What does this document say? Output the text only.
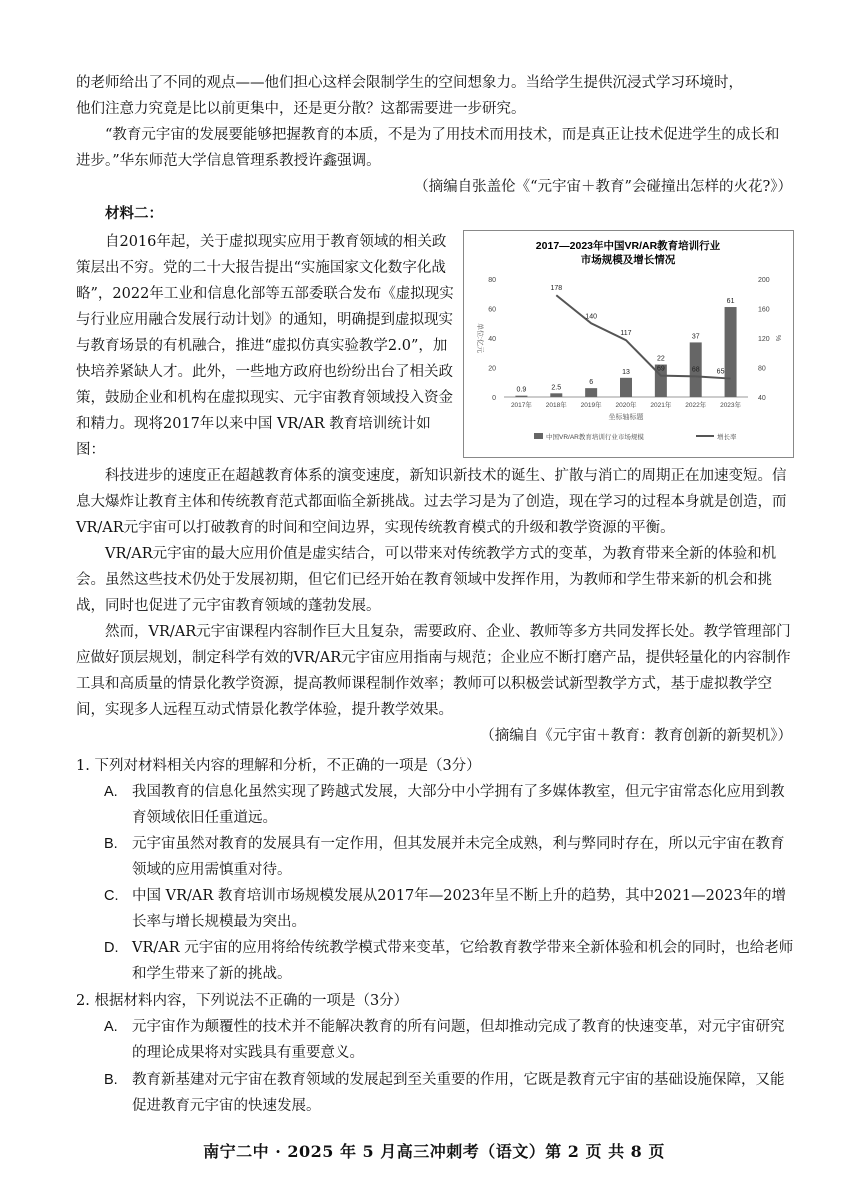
的老师给出了不同的观点——他们担心这样会限制学生的空间想象力。当给学生提供沉浸式学习环境时，

他们注意力究竟是比以前更集中，还是更分散？这都需要进一步研究。

“教育元宇宙的发展要能够把握教育的本质，不是为了用技术而用技术，而是真正让技术促进学生的成长和进步。”华东师范大学信息管理系教授许鑫强调。

（摘编自张盖伦《“元宇宙＋教育”会碰撞出怎样的火花?》）

材料二：

自2016年起，关于虚拟现实应用于教育领域的相关政策层出不穷。党的二十大报告提出“实施国家文化数字化战略”，2022年工业和信息化部等五部委联合发布《虚拟现实与行业应用融合发展行动计划》的通知，明确提到虚拟现实与教育场景的有机融合，推进“虚拟仿真实验教学2.0”，加快培养紧缺人才。此外，一些地方政府也纷纷出台了相关政策，鼓励企业和机构在虚拟现实、元宇宙教育领域投入资金和精力。现将2017年以来中国 VR/AR 教育培训统计如图：

2017—2023年中国VR/AR教育培训行业
市场规模及增长情况
0
20
40
60
80
40
80
120
160
200
单位:亿元	%
0.9	2.5
6
13
22
37
61
2017年 2018年 2019年 2020年 2021年 2022年 2023年
坐标轴标题
178
140
117
69	68 65
中国VR/AR教育培训行业市场规模	增长率

科技进步的速度正在超越教育体系的演变速度，新知识新技术的诞生、扩散与消亡的周期正在加速变短。信息大爆炸让教育主体和传统教育范式都面临全新挑战。过去学习是为了创造，现在学习的过程本身就是创造，而VR/AR元宇宙可以打破教育的时间和空间边界，实现传统教育模式的升级和教学资源的平衡。

VR/AR元宇宙的最大应用价值是虚实结合，可以带来对传统教学方式的变革，为教育带来全新的体验和机会。虽然这些技术仍处于发展初期，但它们已经开始在教育领域中发挥作用，为教师和学生带来新的机会和挑战，同时也促进了元宇宙教育领域的蓬勃发展。

然而，VR/AR元宇宙课程内容制作巨大且复杂，需要政府、企业、教师等多方共同发挥长处。教学管理部门应做好顶层规划，制定科学有效的VR/AR元宇宙应用指南与规范；企业应不断打磨产品，提供轻量化的内容制作工具和高质量的情景化教学资源，提高教师课程制作效率；教师可以积极尝试新型教学方式，基于虚拟教学空间，实现多人远程互动式情景化教学体验，提升教学效果。

（摘编自《元宇宙＋教育：教育创新的新契机》）

1. 下列对材料相关内容的理解和分析，不正确的一项是（3分）

A. 我国教育的信息化虽然实现了跨越式发展，大部分中小学拥有了多媒体教室，但元宇宙常态化应用到教育领域依旧任重道远。

B. 元宇宙虽然对教育的发展具有一定作用，但其发展并未完全成熟，利与弊同时存在，所以元宇宙在教育领域的应用需慎重对待。

C. 中国 VR/AR 教育培训市场规模发展从2017年—2023年呈不断上升的趋势，其中2021—2023年的增长率与增长规模最为突出。

D. VR/AR 元宇宙的应用将给传统教学模式带来变革，它给教育教学带来全新体验和机会的同时，也给老师和学生带来了新的挑战。

2. 根据材料内容，下列说法不正确的一项是（3分）

A. 元宇宙作为颠覆性的技术并不能解决教育的所有问题，但却推动完成了教育的快速变革，对元宇宙研究的理论成果将对实践具有重要意义。

B. 教育新基建对元宇宙在教育领域的发展起到至关重要的作用，它既是教育元宇宙的基础设施保障，又能促进教育元宇宙的快速发展。

南宁二中 · 2025 年 5 月高三冲刺考（语文）第 2 页 共 8 页
